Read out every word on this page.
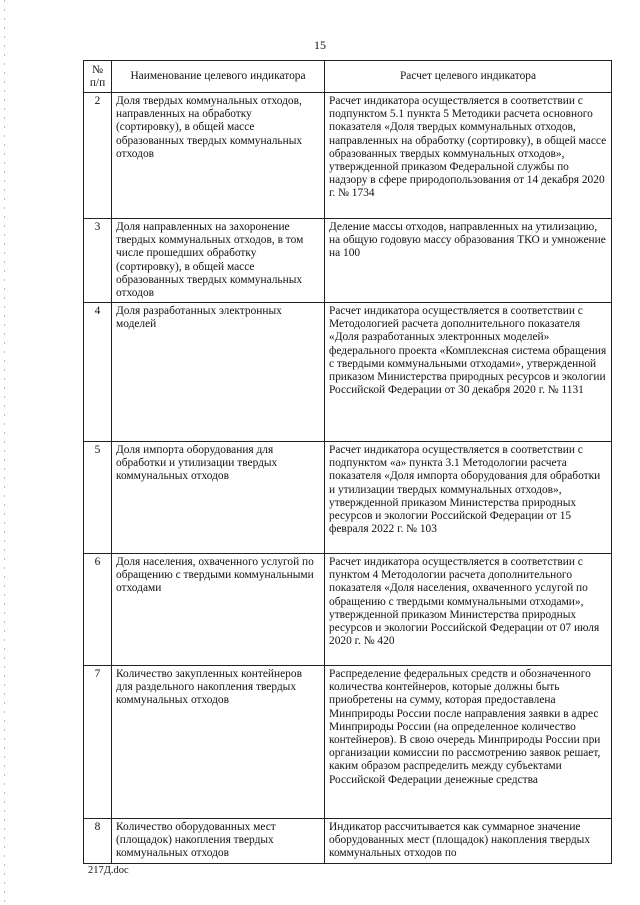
15
№ п/п	Наименование целевого индикатора	Расчет целевого индикатора
2	Доля твердых коммунальных отходов, направленных на обработку (сортировку), в общей массе образованных твердых коммунальных отходов	Расчет индикатора осуществляется в соответствии с подпунктом 5.1 пункта 5 Методики расчета основного показателя «Доля твердых коммунальных отходов, направленных на обработку (сортировку), в общей массе образованных твердых коммунальных отходов», утвержденной приказом Федеральной службы по надзору в сфере природопользования от 14 декабря 2020 г. № 1734
3	Доля направленных на захоронение твердых коммунальных отходов, в том числе прошедших обработку (сортировку), в общей массе образованных твердых коммунальных отходов	Деление массы отходов, направленных на утилизацию, на общую годовую массу образования ТКО и умножение на 100
4	Доля разработанных электронных моделей	Расчет индикатора осуществляется в соответствии с Методологией расчета дополнительного показателя «Доля разработанных электронных моделей» федерального проекта «Комплексная система обращения с твердыми коммунальными отходами», утвержденной приказом Министерства природных ресурсов и экологии Российской Федерации от 30 декабря 2020 г. № 1131
5	Доля импорта оборудования для обработки и утилизации твердых коммунальных отходов	Расчет индикатора осуществляется в соответствии с подпунктом «а» пункта 3.1 Методологии расчета показателя «Доля импорта оборудования для обработки и утилизации твердых коммунальных отходов», утвержденной приказом Министерства природных ресурсов и экологии Российской Федерации от 15 февраля 2022 г. № 103
6	Доля населения, охваченного услугой по обращению с твердыми коммунальными отходами	Расчет индикатора осуществляется в соответствии с пунктом 4 Методологии расчета дополнительного показателя «Доля населения, охваченного услугой по обращению с твердыми коммунальными отходами», утвержденной приказом Министерства природных ресурсов и экологии Российской Федерации от 07 июля 2020 г. № 420
7	Количество закупленных контейнеров для раздельного накопления твердых коммунальных отходов	Распределение федеральных средств и обозначенного количества контейнеров, которые должны быть приобретены на сумму, которая предоставлена Минприроды России после направления заявки в адрес Минприроды России (на определенное количество контейнеров). В свою очередь Минприроды России при организации комиссии по рассмотрению заявок решает, каким образом распределить между субъектами Российской Федерации денежные средства
8	Количество оборудованных мест (площадок) накопления твердых коммунальных отходов	Индикатор рассчитывается как суммарное значение оборудованных мест (площадок) накопления твердых коммунальных отходов по
217Д.doc
